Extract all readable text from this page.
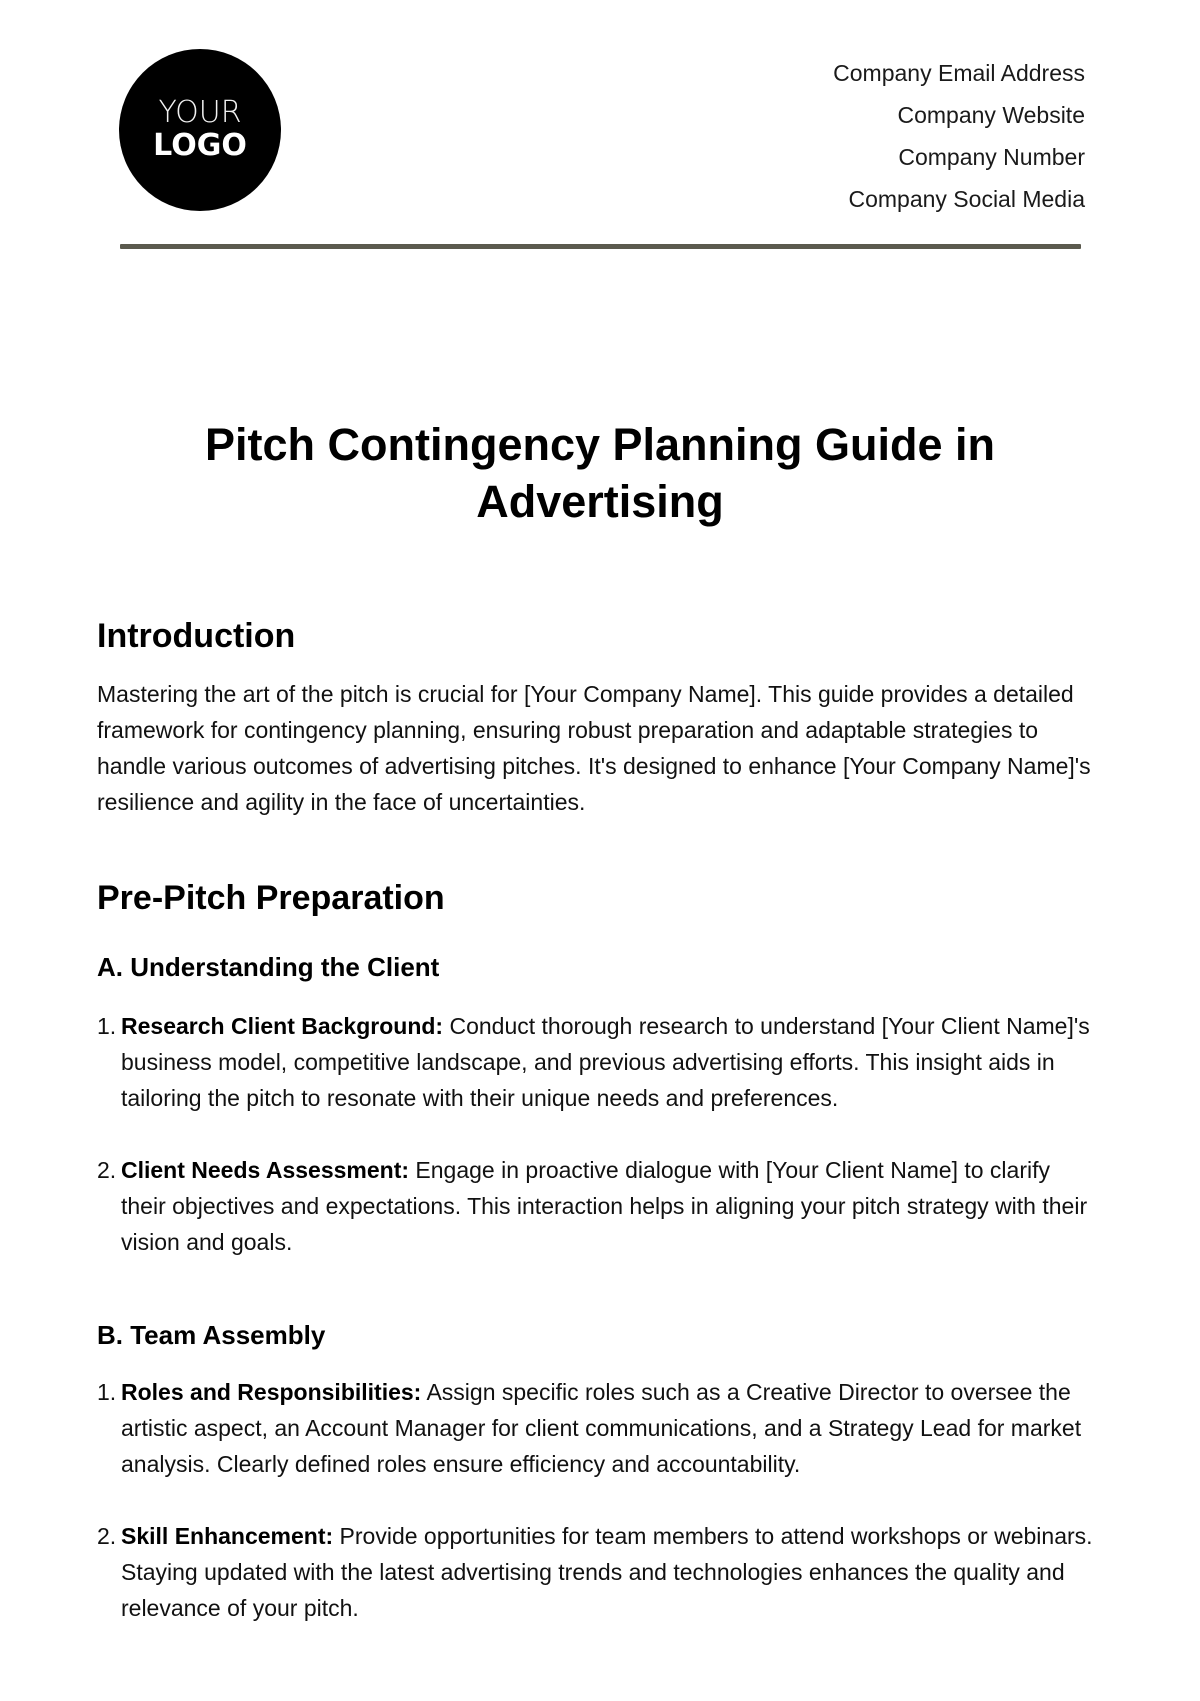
YOUR
LOGO
Company Email Address
Company Website
Company Number
Company Social Media
Pitch Contingency Planning Guide in Advertising
Introduction

Mastering the art of the pitch is crucial for [Your Company Name]. This guide provides a detailed framework for contingency planning, ensuring robust preparation and adaptable strategies to handle various outcomes of advertising pitches. It's designed to enhance [Your Company Name]'s resilience and agility in the face of uncertainties.

Pre-Pitch Preparation
A. Understanding the Client
1. Research Client Background: Conduct thorough research to understand [Your Client Name]'s business model, competitive landscape, and previous advertising efforts. This insight aids in tailoring the pitch to resonate with their unique needs and preferences.
2. Client Needs Assessment: Engage in proactive dialogue with [Your Client Name] to clarify their objectives and expectations. This interaction helps in aligning your pitch strategy with their vision and goals.
B. Team Assembly
1. Roles and Responsibilities: Assign specific roles such as a Creative Director to oversee the artistic aspect, an Account Manager for client communications, and a Strategy Lead for market analysis. Clearly defined roles ensure efficiency and accountability.
2. Skill Enhancement: Provide opportunities for team members to attend workshops or webinars. Staying updated with the latest advertising trends and technologies enhances the quality and relevance of your pitch.
